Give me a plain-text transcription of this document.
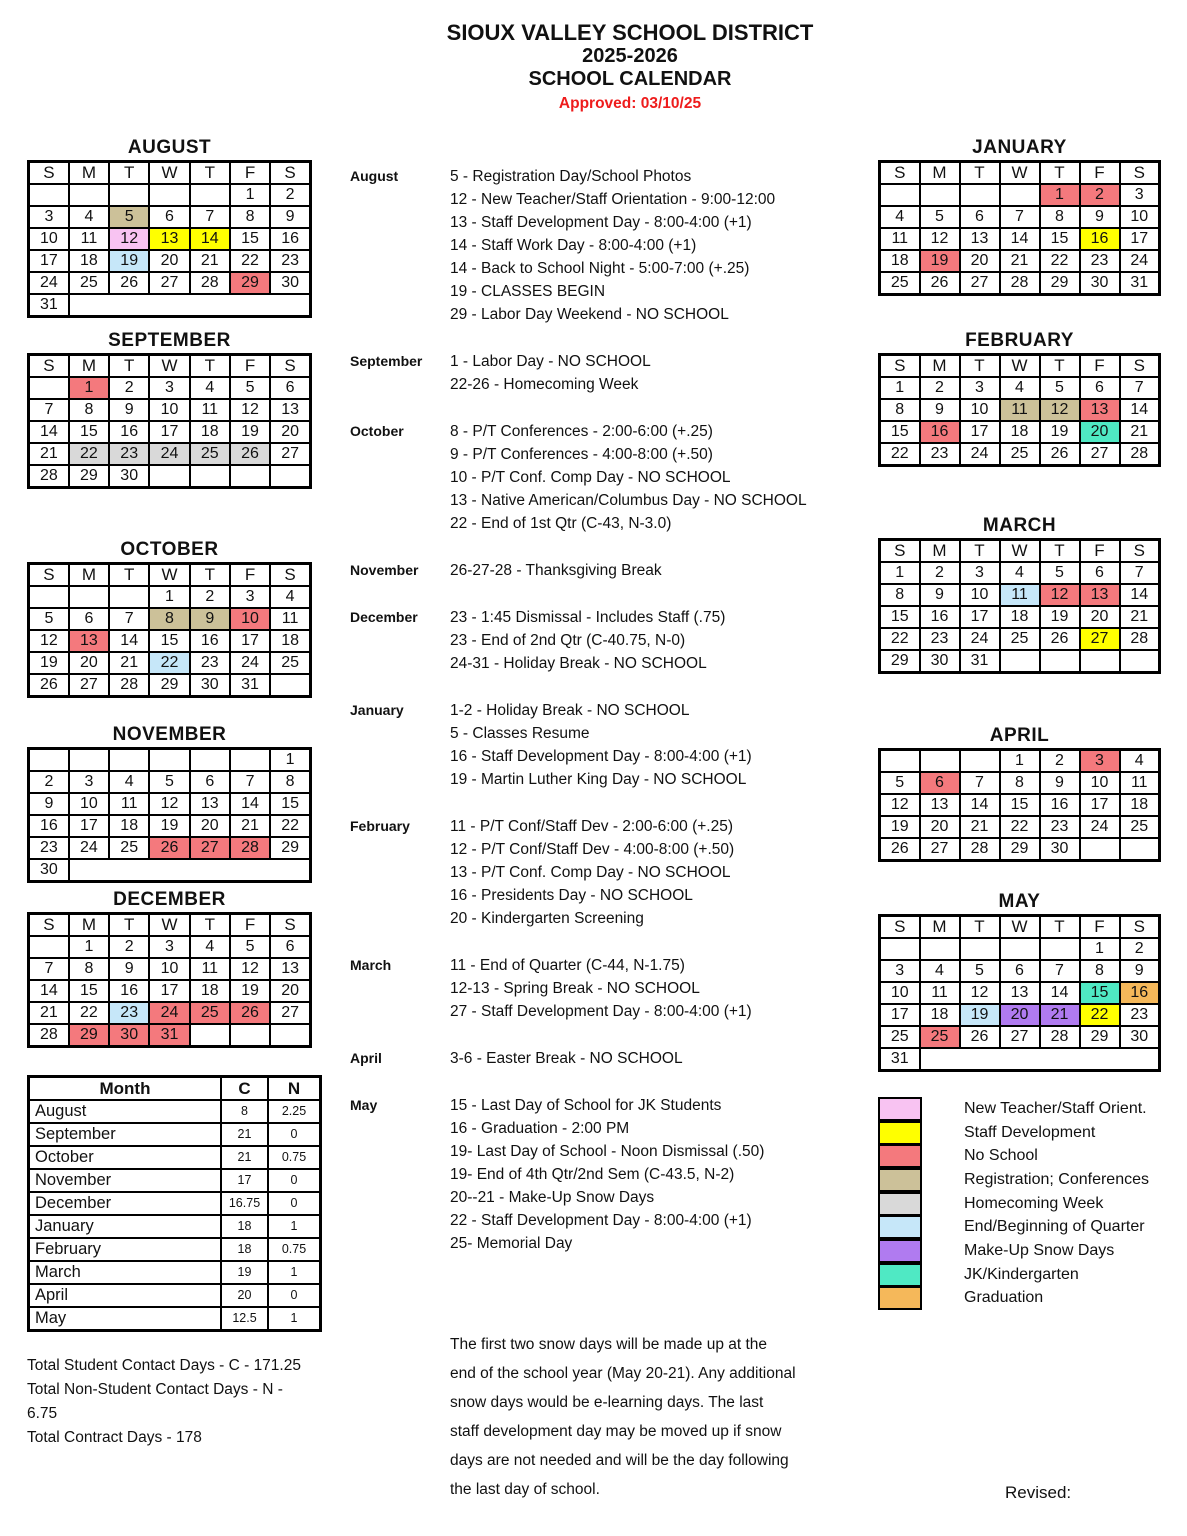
SIOUX VALLEY SCHOOL DISTRICT
2025-2026
SCHOOL CALENDAR
Approved: 03/10/25
AUGUST
S	M	T	W	T	F	S
					1	2
3	4	5	6	7	8	9
10	11	12	13	14	15	16
17	18	19	20	21	22	23
24	25	26	27	28	29	30
31						
SEPTEMBER
S	M	T	W	T	F	S
	1	2	3	4	5	6
7	8	9	10	11	12	13
14	15	16	17	18	19	20
21	22	23	24	25	26	27
28	29	30				
OCTOBER
S	M	T	W	T	F	S
			1	2	3	4
5	6	7	8	9	10	11
12	13	14	15	16	17	18
19	20	21	22	23	24	25
26	27	28	29	30	31	
NOVEMBER
						1
2	3	4	5	6	7	8
9	10	11	12	13	14	15
16	17	18	19	20	21	22
23	24	25	26	27	28	29
30						
DECEMBER
S	M	T	W	T	F	S
	1	2	3	4	5	6
7	8	9	10	11	12	13
14	15	16	17	18	19	20
21	22	23	24	25	26	27
28	29	30	31			
Month	C	N
August	8	2.25
September	21	0
October	21	0.75
November	17	0
December	16.75	0
January	18	1
February	18	0.75
March	19	1
April	20	0
May	12.5	1
Total Student Contact Days - C - 171.25
Total Non-Student Contact Days - N - 6.75
Total Contract Days - 178
August	5 - Registration Day/School Photos
12 - New Teacher/Staff Orientation - 9:00-12:00
13 - Staff Development Day - 8:00-4:00 (+1)
14 - Staff Work Day - 8:00-4:00 (+1)
14 - Back to School Night - 5:00-7:00 (+.25)
19 - CLASSES BEGIN
29 - Labor Day Weekend - NO SCHOOL
September	1 - Labor Day - NO SCHOOL
22-26 - Homecoming Week
October	8 - P/T Conferences - 2:00-6:00 (+.25)
9 - P/T Conferences - 4:00-8:00 (+.50)
10 - P/T Conf. Comp Day - NO SCHOOL
13 - Native American/Columbus Day - NO SCHOOL
22 - End of 1st Qtr (C-43, N-3.0)
November	26-27-28 - Thanksgiving Break
December	23 - 1:45 Dismissal - Includes Staff (.75)
23 - End of 2nd Qtr (C-40.75, N-0)
24-31 - Holiday Break - NO SCHOOL
January	1-2 - Holiday Break - NO SCHOOL
5 - Classes Resume
16 - Staff Development Day - 8:00-4:00 (+1)
19 - Martin Luther King Day - NO SCHOOL
February	11 - P/T Conf/Staff Dev - 2:00-6:00 (+.25)
12 - P/T Conf/Staff Dev - 4:00-8:00 (+.50)
13 - P/T Conf. Comp Day - NO SCHOOL
16 - Presidents Day - NO SCHOOL
20 - Kindergarten Screening
March	11 - End of Quarter (C-44, N-1.75)
12-13 - Spring Break - NO SCHOOL
27 - Staff Development Day - 8:00-4:00 (+1)
April	3-6 - Easter Break - NO SCHOOL
May	15 - Last Day of School for JK Students
16 - Graduation - 2:00 PM
19- Last Day of School - Noon Dismissal (.50)
19- End of 4th Qtr/2nd Sem (C-43.5, N-2)
20--21 - Make-Up Snow Days
22 - Staff Development Day - 8:00-4:00 (+1)
25- Memorial Day
The first two snow days will be made up at the
end of the school year (May 20-21). Any additional
snow days would be e-learning days. The last
staff development day may be moved up if snow
days are not needed and will be the day following
the last day of school.
JANUARY
S	M	T	W	T	F	S
				1	2	3
4	5	6	7	8	9	10
11	12	13	14	15	16	17
18	19	20	21	22	23	24
25	26	27	28	29	30	31
FEBRUARY
S	M	T	W	T	F	S
1	2	3	4	5	6	7
8	9	10	11	12	13	14
15	16	17	18	19	20	21
22	23	24	25	26	27	28
MARCH
S	M	T	W	T	F	S
1	2	3	4	5	6	7
8	9	10	11	12	13	14
15	16	17	18	19	20	21
22	23	24	25	26	27	28
29	30	31				
APRIL
			1	2	3	4
5	6	7	8	9	10	11
12	13	14	15	16	17	18
19	20	21	22	23	24	25
26	27	28	29	30		
MAY
S	M	T	W	T	F	S
					1	2
3	4	5	6	7	8	9
10	11	12	13	14	15	16
17	18	19	20	21	22	23
25	25	26	27	28	29	30
31						
New Teacher/Staff Orient.
Staff Development
No School
Registration; Conferences
Homecoming Week
End/Beginning of Quarter
Make-Up Snow Days
JK/Kindergarten
Graduation
Revised:
